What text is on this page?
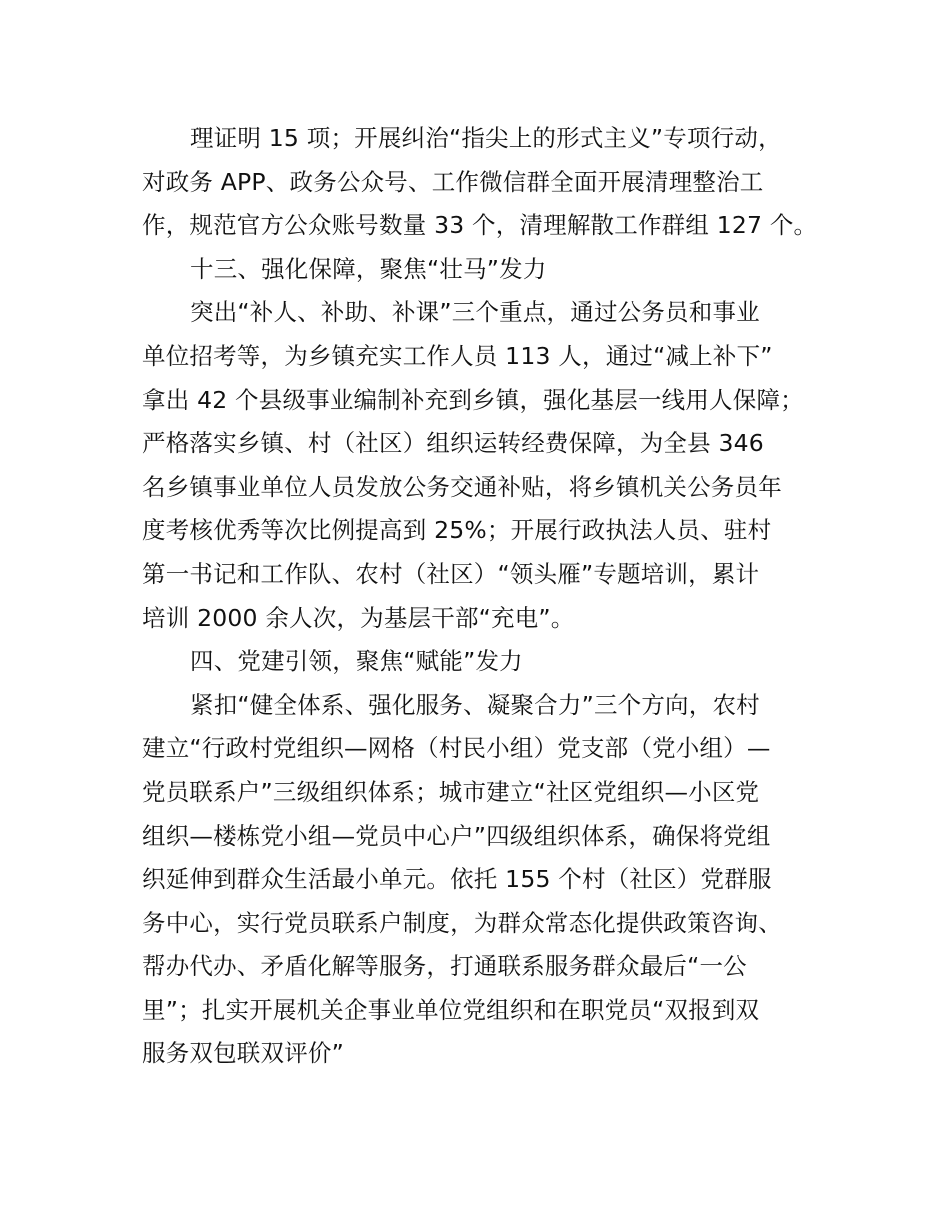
理证明 15 项；开展纠治“指尖上的形式主义”专项行动，
对政务 APP、政务公众号、工作微信群全面开展清理整治工
作，规范官方公众账号数量 33 个，清理解散工作群组 127 个。
十三、强化保障，聚焦“壮马”发力
突出“补人、补助、补课”三个重点，通过公务员和事业
单位招考等，为乡镇充实工作人员 113 人，通过“减上补下”
拿出 42 个县级事业编制补充到乡镇，强化基层一线用人保障；
严格落实乡镇、村（社区）组织运转经费保障，为全县 346
名乡镇事业单位人员发放公务交通补贴，将乡镇机关公务员年
度考核优秀等次比例提高到 25%；开展行政执法人员、驻村
第一书记和工作队、农村（社区）“领头雁”专题培训，累计
培训 2000 余人次，为基层干部“充电”。
四、党建引领，聚焦“赋能”发力
紧扣“健全体系、强化服务、凝聚合力”三个方向，农村
建立“行政村党组织—网格（村民小组）党支部（党小组）—
党员联系户”三级组织体系；城市建立“社区党组织—小区党
组织—楼栋党小组—党员中心户”四级组织体系，确保将党组
织延伸到群众生活最小单元。依托 155 个村（社区）党群服
务中心，实行党员联系户制度，为群众常态化提供政策咨询、
帮办代办、矛盾化解等服务，打通联系服务群众最后“一公
里”；扎实开展机关企事业单位党组织和在职党员“双报到双
服务双包联双评价”
